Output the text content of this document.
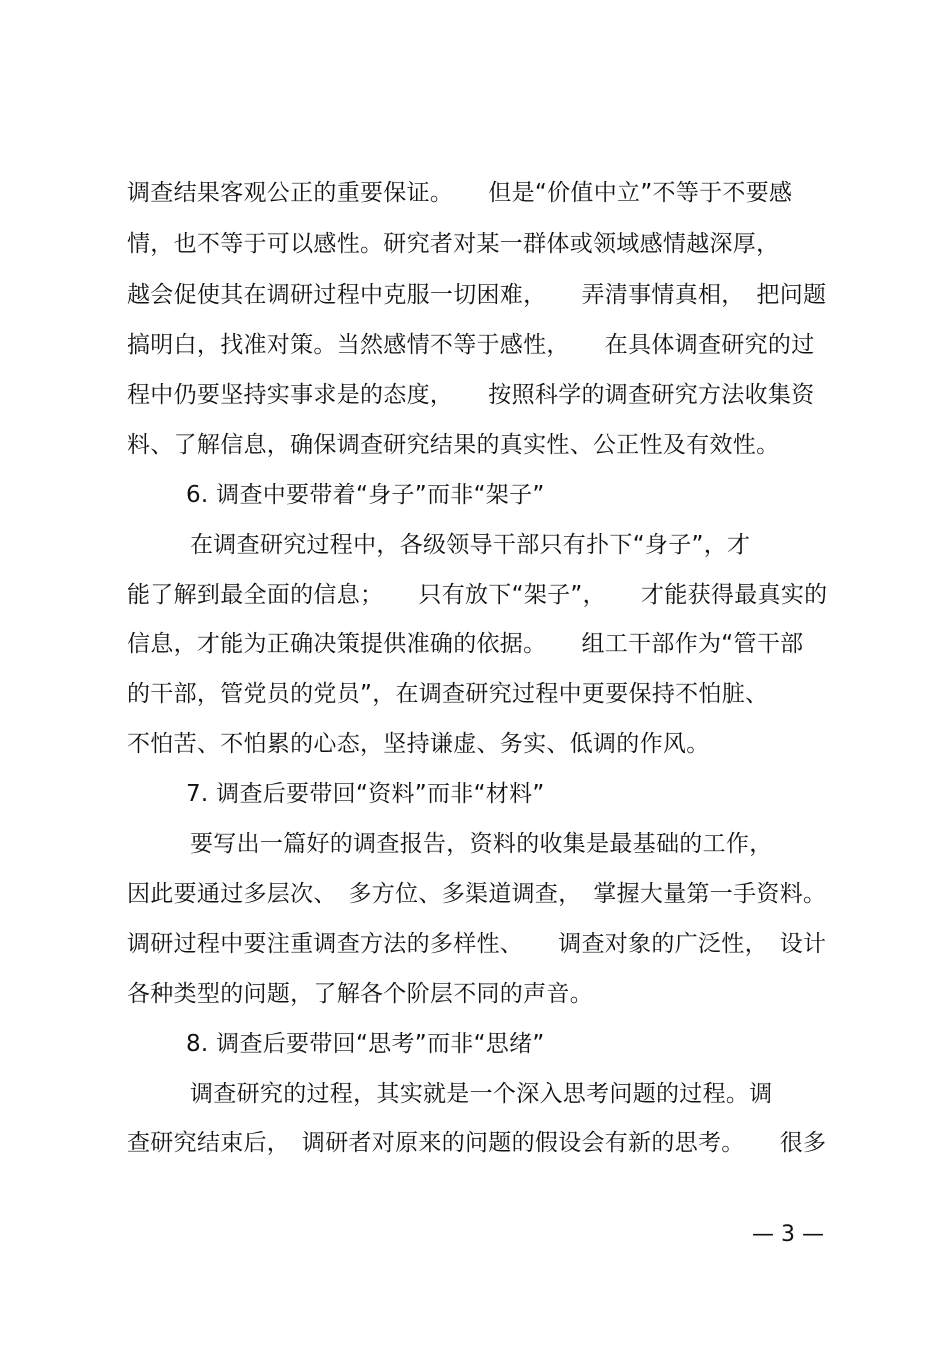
调查结果客观公正的重要保证。　　但是“价值中立”不等于不要感
情，也不等于可以感性。研究者对某一群体或领域感情越深厚，
越会促使其在调研过程中克服一切困难，　　弄清事情真相，　把问题
搞明白，找准对策。当然感情不等于感性，　　在具体调查研究的过
程中仍要坚持实事求是的态度，　　按照科学的调查研究方法收集资
料、了解信息，确保调查研究结果的真实性、公正性及有效性。
6. 调查中要带着“身子”而非“架子”
在调查研究过程中，各级领导干部只有扑下“身子”，才
能了解到最全面的信息；　　只有放下“架子”，　　才能获得最真实的
信息，才能为正确决策提供准确的依据。　　组工干部作为“管干部
的干部，管党员的党员”，在调查研究过程中更要保持不怕脏、
不怕苦、不怕累的心态，坚持谦虚、务实、低调的作风。
7. 调查后要带回“资料”而非“材料”
要写出一篇好的调查报告，资料的收集是最基础的工作，
因此要通过多层次、　多方位、多渠道调查，　掌握大量第一手资料。
调研过程中要注重调查方法的多样性、　　调查对象的广泛性，　设计
各种类型的问题，了解各个阶层不同的声音。
8. 调查后要带回“思考”而非“思绪”
调查研究的过程，其实就是一个深入思考问题的过程。调
查研究结束后，　调研者对原来的问题的假设会有新的思考。　　很多
— 3 —
